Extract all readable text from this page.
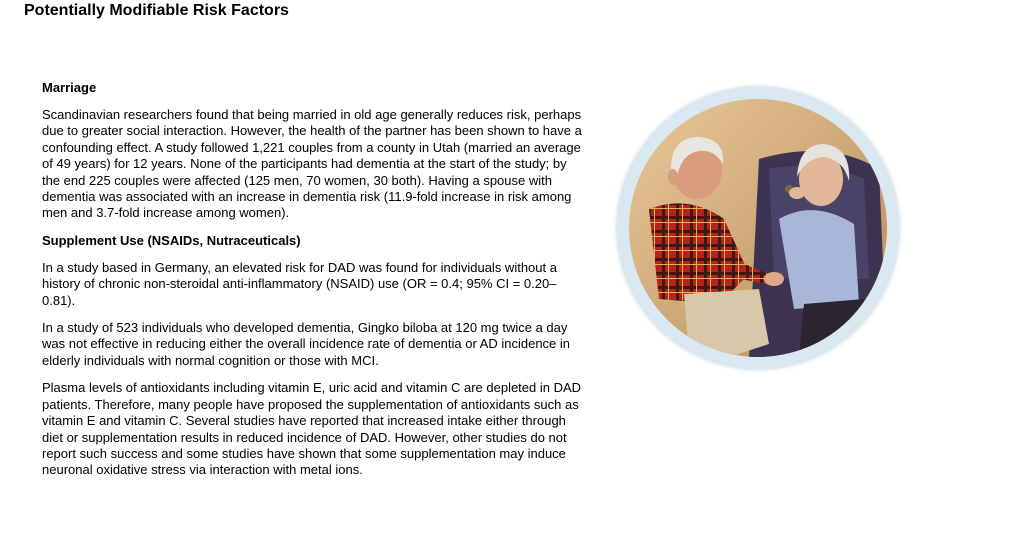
Potentially Modifiable Risk Factors
Marriage

Scandinavian researchers found that being married in old age generally reduces risk, perhaps due to greater social interaction. However, the health of the partner has been shown to have a confounding effect. A study followed 1,221 couples from a county in Utah (married an average of 49 years) for 12 years. None of the participants had dementia at the start of the study; by the end 225 couples were affected (125 men, 70 women, 30 both). Having a spouse with dementia was associated with an increase in dementia risk (11.9-fold increase in risk among men and 3.7-fold increase among women).

Supplement Use (NSAIDs, Nutraceuticals)

In a study based in Germany, an elevated risk for DAD was found for individuals without a history of chronic non-steroidal anti-inflammatory (NSAID) use (OR = 0.4; 95% CI = 0.20–0.81).

In a study of 523 individuals who developed dementia, Gingko biloba at 120 mg twice a day was not effective in reducing either the overall incidence rate of dementia or AD incidence in elderly individuals with normal cognition or those with MCI.

Plasma levels of antioxidants including vitamin E, uric acid and vitamin C are depleted in DAD patients. Therefore, many people have proposed the supplementation of antioxidants such as vitamin E and vitamin C. Several studies have reported that increased intake either through diet or supplementation results in reduced incidence of DAD. However, other studies do not report such success and some studies have shown that some supplementation may induce neuronal oxidative stress via interaction with metal ions.
